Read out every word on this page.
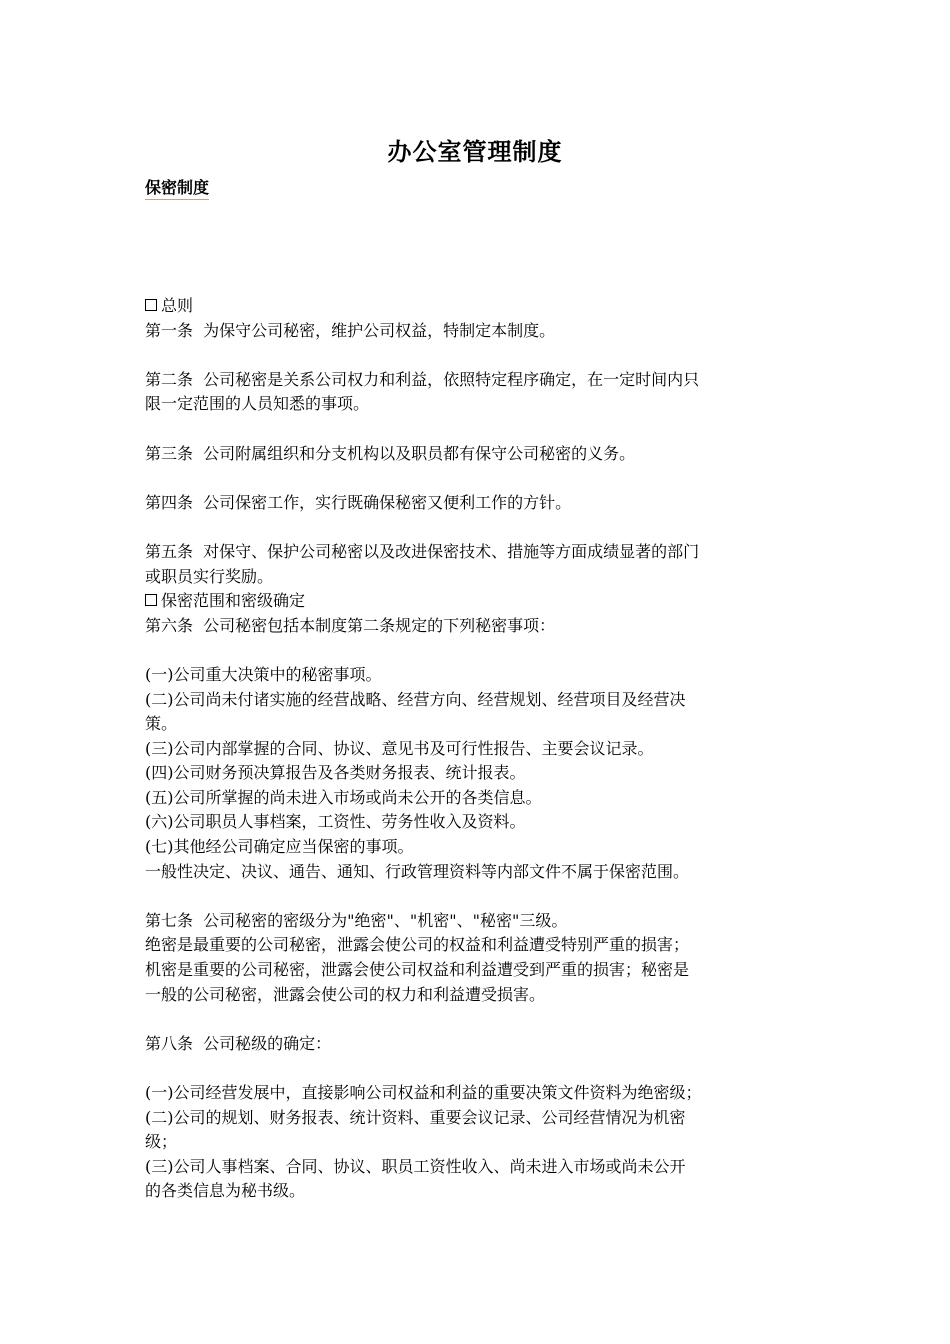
办公室管理制度
保密制度
总则
第一条  为保守公司秘密，维护公司权益，特制定本制度。
第二条  公司秘密是关系公司权力和利益，依照特定程序确定，在一定时间内只
限一定范围的人员知悉的事项。
第三条  公司附属组织和分支机构以及职员都有保守公司秘密的义务。
第四条  公司保密工作，实行既确保秘密又便利工作的方针。
第五条  对保守、保护公司秘密以及改进保密技术、措施等方面成绩显著的部门
或职员实行奖励。
保密范围和密级确定
第六条  公司秘密包括本制度第二条规定的下列秘密事项：
(一)公司重大决策中的秘密事项。
(二)公司尚未付诸实施的经营战略、经营方向、经营规划、经营项目及经营决
策。
(三)公司内部掌握的合同、协议、意见书及可行性报告、主要会议记录。
(四)公司财务预决算报告及各类财务报表、统计报表。
(五)公司所掌握的尚未进入市场或尚未公开的各类信息。
(六)公司职员人事档案，工资性、劳务性收入及资料。
(七)其他经公司确定应当保密的事项。
一般性决定、决议、通告、通知、行政管理资料等内部文件不属于保密范围。
第七条  公司秘密的密级分为"绝密"、"机密"、"秘密"三级。
绝密是最重要的公司秘密，泄露会使公司的权益和利益遭受特别严重的损害；
机密是重要的公司秘密，泄露会使公司权益和利益遭受到严重的损害；秘密是
一般的公司秘密，泄露会使公司的权力和利益遭受损害。
第八条  公司秘级的确定：
(一)公司经营发展中，直接影响公司权益和利益的重要决策文件资料为绝密级；
(二)公司的规划、财务报表、统计资料、重要会议记录、公司经营情况为机密
级；
(三)公司人事档案、合同、协议、职员工资性收入、尚未进入市场或尚未公开
的各类信息为秘书级。
